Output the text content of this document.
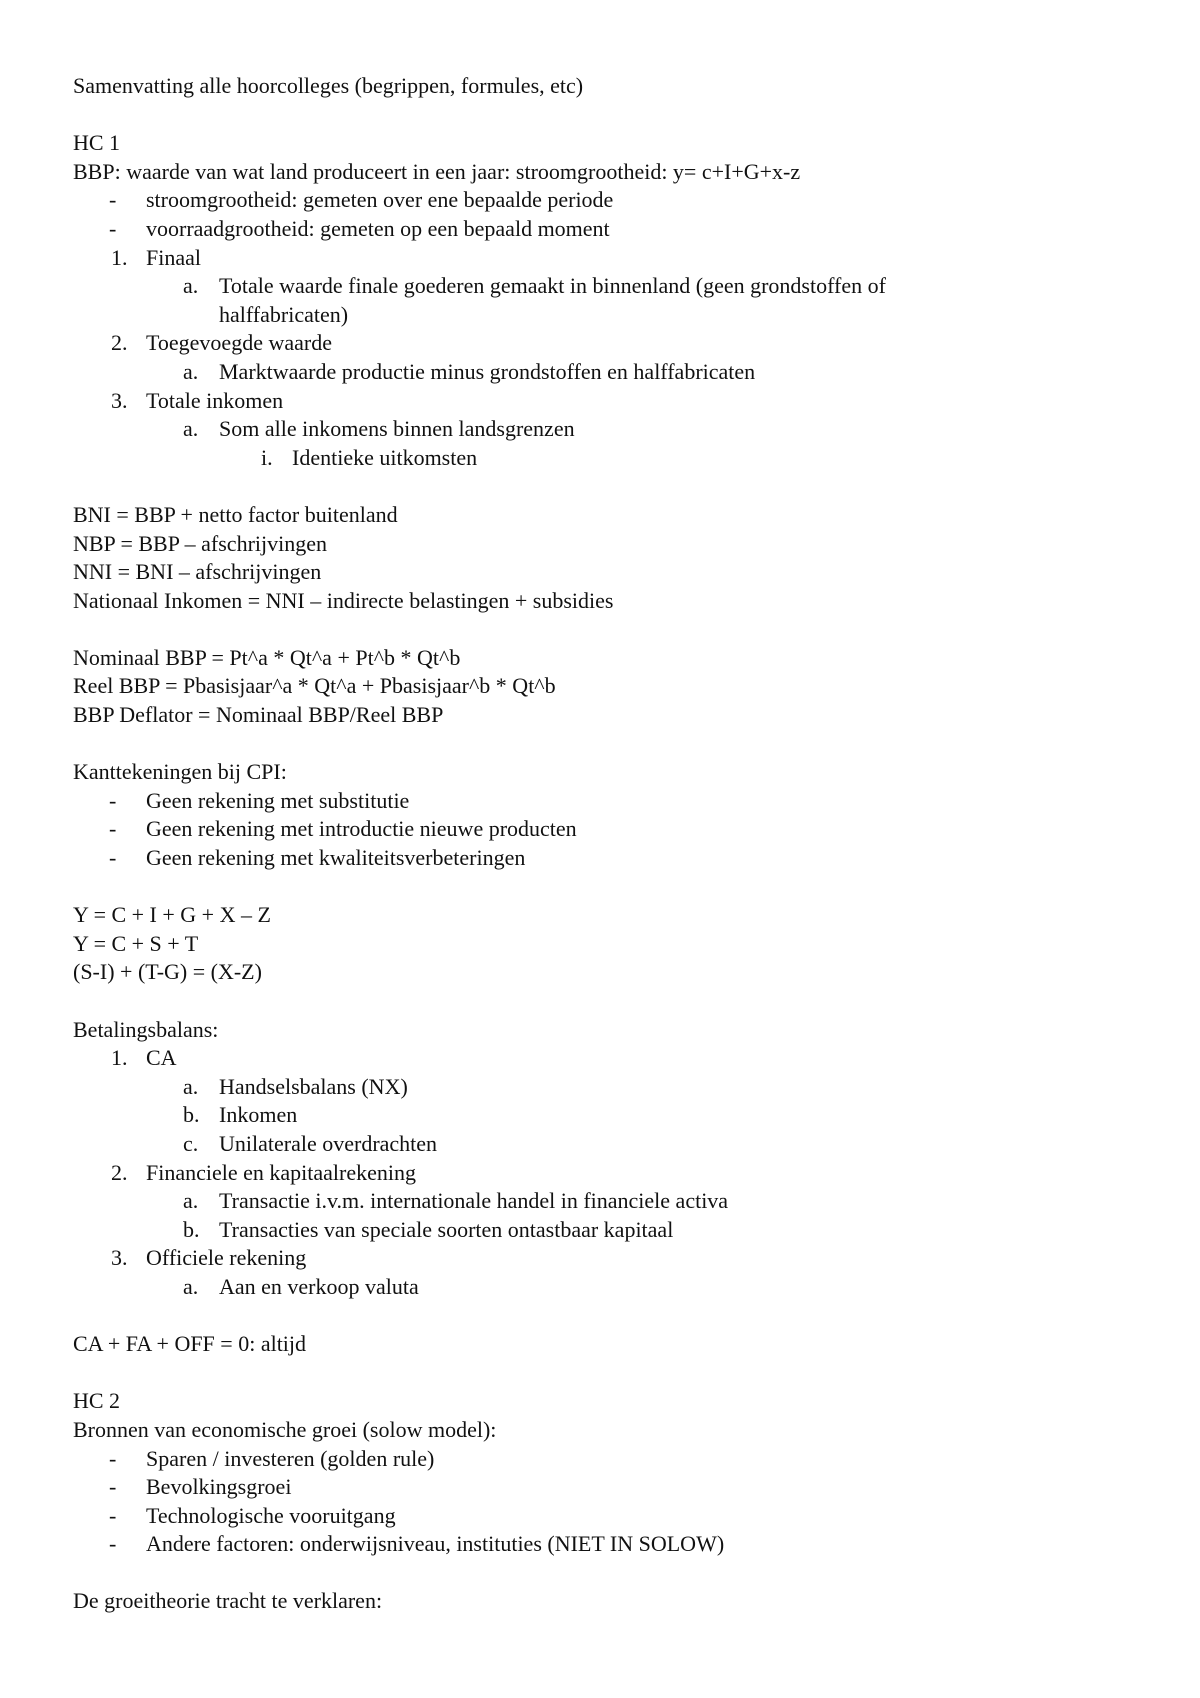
Samenvatting alle hoorcolleges (begrippen, formules, etc)
HC 1
BBP: waarde van wat land produceert in een jaar: stroomgrootheid: y= c+I+G+x-z
- stroomgrootheid: gemeten over ene bepaalde periode
- voorraadgrootheid: gemeten op een bepaald moment
1. Finaal
a. Totale waarde finale goederen gemaakt in binnenland (geen grondstoffen of
halffabricaten)
2. Toegevoegde waarde
a. Marktwaarde productie minus grondstoffen en halffabricaten
3. Totale inkomen
a. Som alle inkomens binnen landsgrenzen
i. Identieke uitkomsten
BNI = BBP + netto factor buitenland
NBP = BBP – afschrijvingen
NNI = BNI – afschrijvingen
Nationaal Inkomen = NNI – indirecte belastingen + subsidies
Nominaal BBP = Pt^a * Qt^a + Pt^b * Qt^b
Reel BBP = Pbasisjaar^a * Qt^a + Pbasisjaar^b * Qt^b
BBP Deflator = Nominaal BBP/Reel BBP
Kanttekeningen bij CPI:
- Geen rekening met substitutie
- Geen rekening met introductie nieuwe producten
- Geen rekening met kwaliteitsverbeteringen
Y = C + I + G + X – Z
Y = C + S + T
(S-I) + (T-G) = (X-Z)
Betalingsbalans:
1. CA
a. Handselsbalans (NX)
b. Inkomen
c. Unilaterale overdrachten
2. Financiele en kapitaalrekening
a. Transactie i.v.m. internationale handel in financiele activa
b. Transacties van speciale soorten ontastbaar kapitaal
3. Officiele rekening
a. Aan en verkoop valuta
CA + FA + OFF = 0: altijd
HC 2
Bronnen van economische groei (solow model):
- Sparen / investeren (golden rule)
- Bevolkingsgroei
- Technologische vooruitgang
- Andere factoren: onderwijsniveau, instituties (NIET IN SOLOW)
De groeitheorie tracht te verklaren:
